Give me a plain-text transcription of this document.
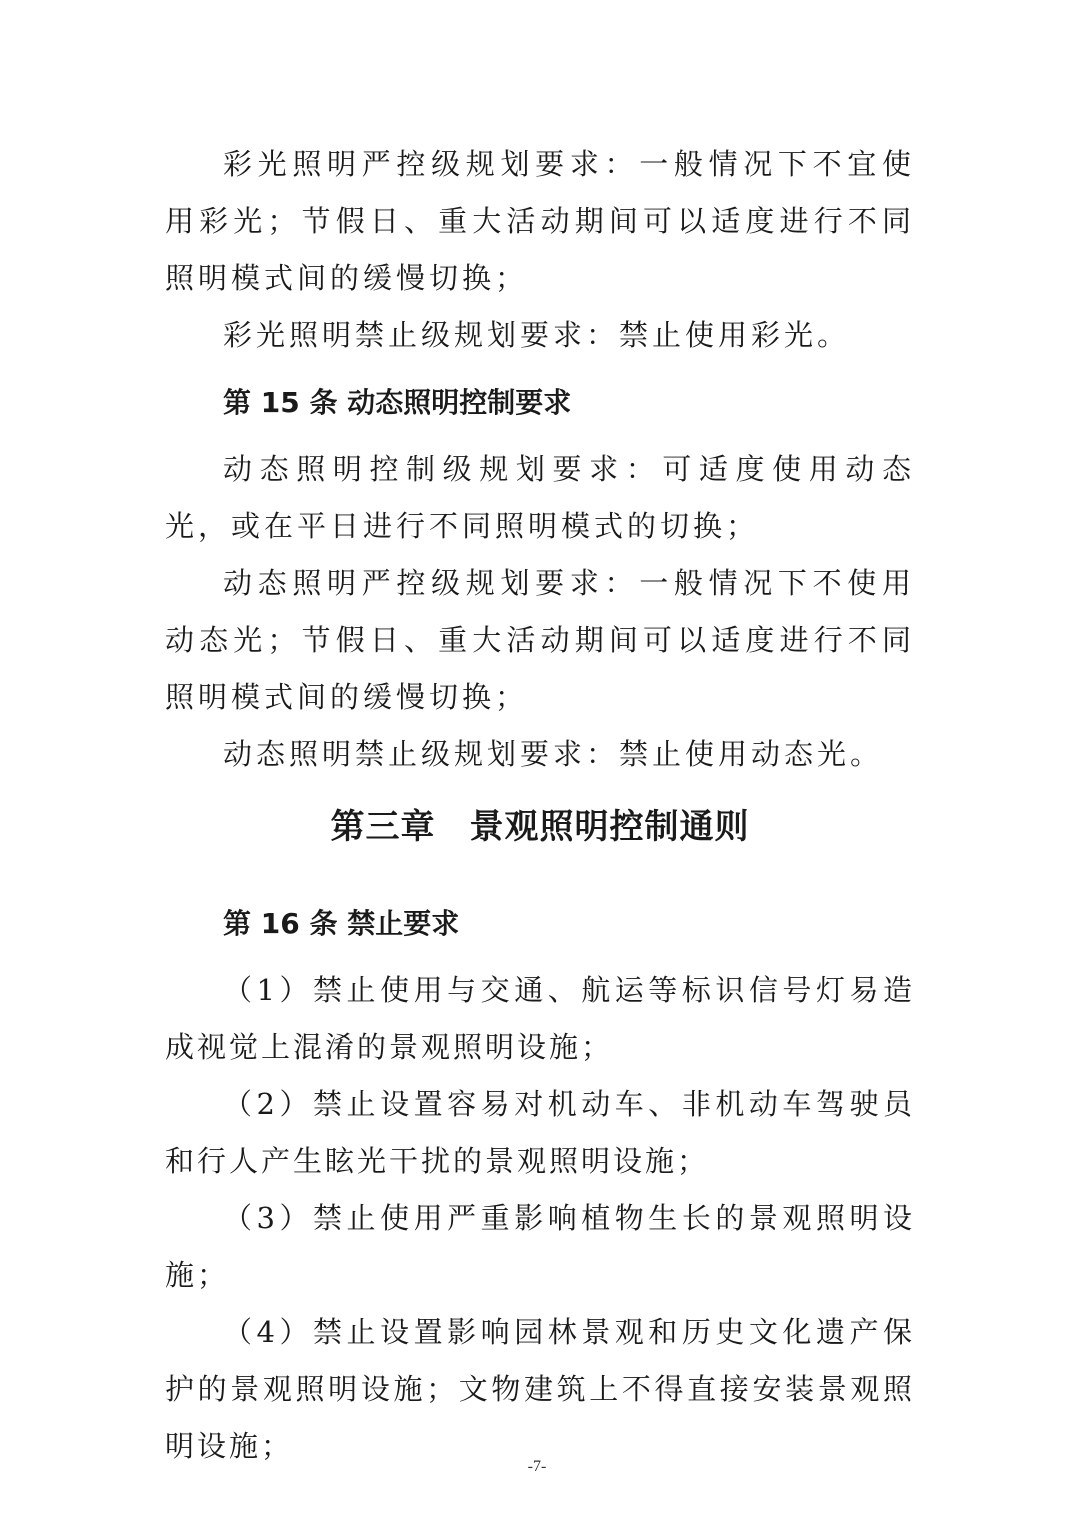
彩光照明严控级规划要求：一般情况下不宜使用彩光；节假日、重大活动期间可以适度进行不同照明模式间的缓慢切换；

彩光照明禁止级规划要求：禁止使用彩光。

第 15 条 动态照明控制要求

动态照明控制级规划要求：可适度使用动态光，或在平日进行不同照明模式的切换；

动态照明严控级规划要求：一般情况下不使用动态光；节假日、重大活动期间可以适度进行不同照明模式间的缓慢切换；

动态照明禁止级规划要求：禁止使用动态光。

第三章 景观照明控制通则

第 16 条 禁止要求

（1）禁止使用与交通、航运等标识信号灯易造成视觉上混淆的景观照明设施；

（2）禁止设置容易对机动车、非机动车驾驶员和行人产生眩光干扰的景观照明设施；

（3）禁止使用严重影响植物生长的景观照明设施；

（4）禁止设置影响园林景观和历史文化遗产保护的景观照明设施；文物建筑上不得直接安装景观照明设施；

-7-
